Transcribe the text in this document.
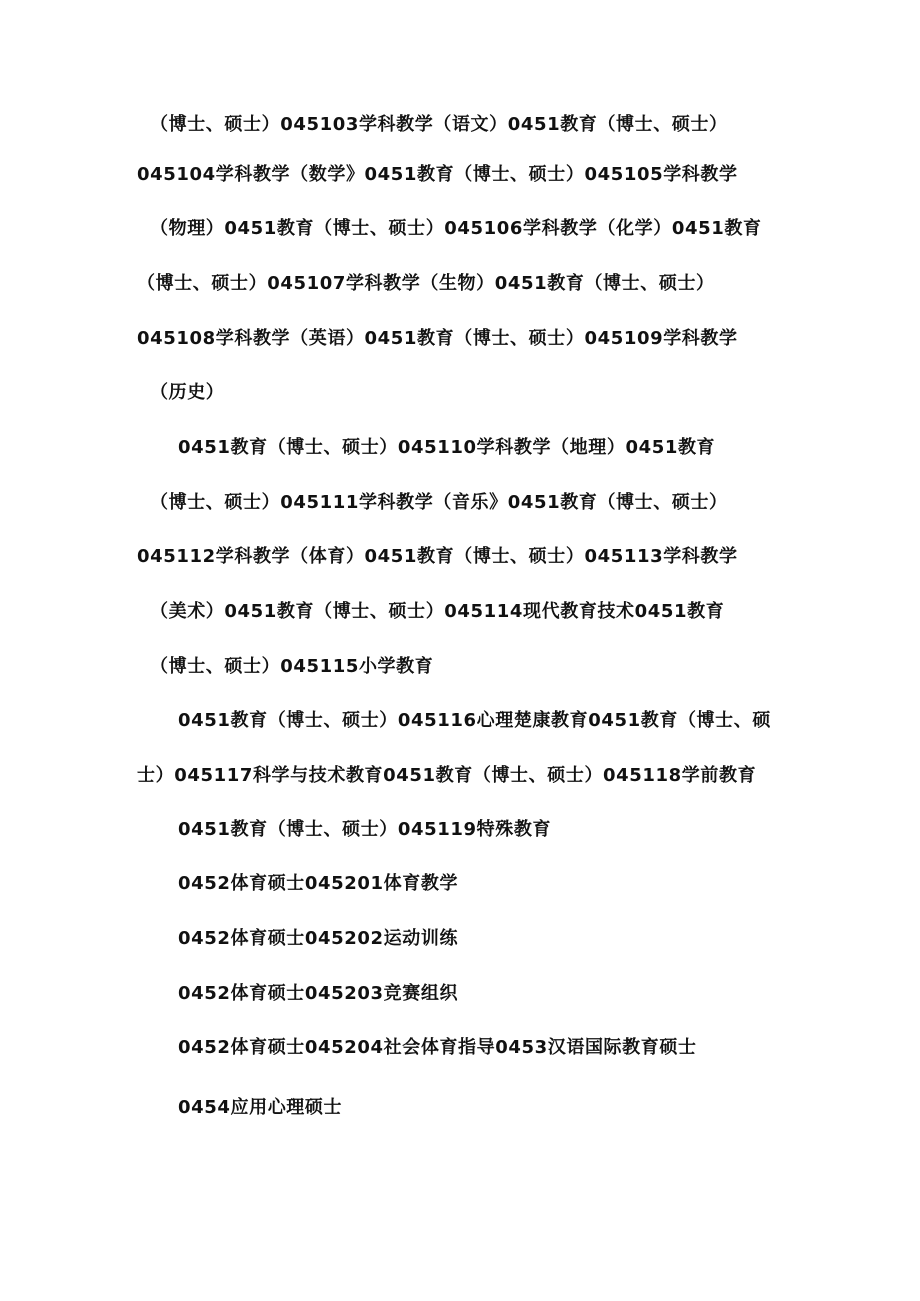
（博士、硕士）045103学科教学（语文）0451教育（博士、硕士）
045104学科教学（数学》0451教育（博士、硕士）045105学科教学
（物理）0451教育（博士、硕士）045106学科教学（化学）0451教育
（博士、硕士）045107学科教学（生物）0451教育（博士、硕士）
045108学科教学（英语）0451教育（博士、硕士）045109学科教学
（历史）
0451教育（博士、硕士）045110学科教学（地理）0451教育
（博士、硕士）045111学科教学（音乐》0451教育（博士、硕士）
045112学科教学（体育）0451教育（博士、硕士）045113学科教学
（美术）0451教育（博士、硕士）045114现代教育技术0451教育
（博士、硕士）045115小学教育
0451教育（博士、硕士）045116心理楚康教育0451教育（博士、硕
士）045117科学与技术教育0451教育（博士、硕士）045118学前教育
0451教育（博士、硕士）045119特殊教育
0452体育硕士045201体育教学
0452体育硕士045202运动训练
0452体育硕士045203竞赛组织
0452体育硕士045204社会体育指导0453汉语国际教育硕士
0454应用心理硕士
